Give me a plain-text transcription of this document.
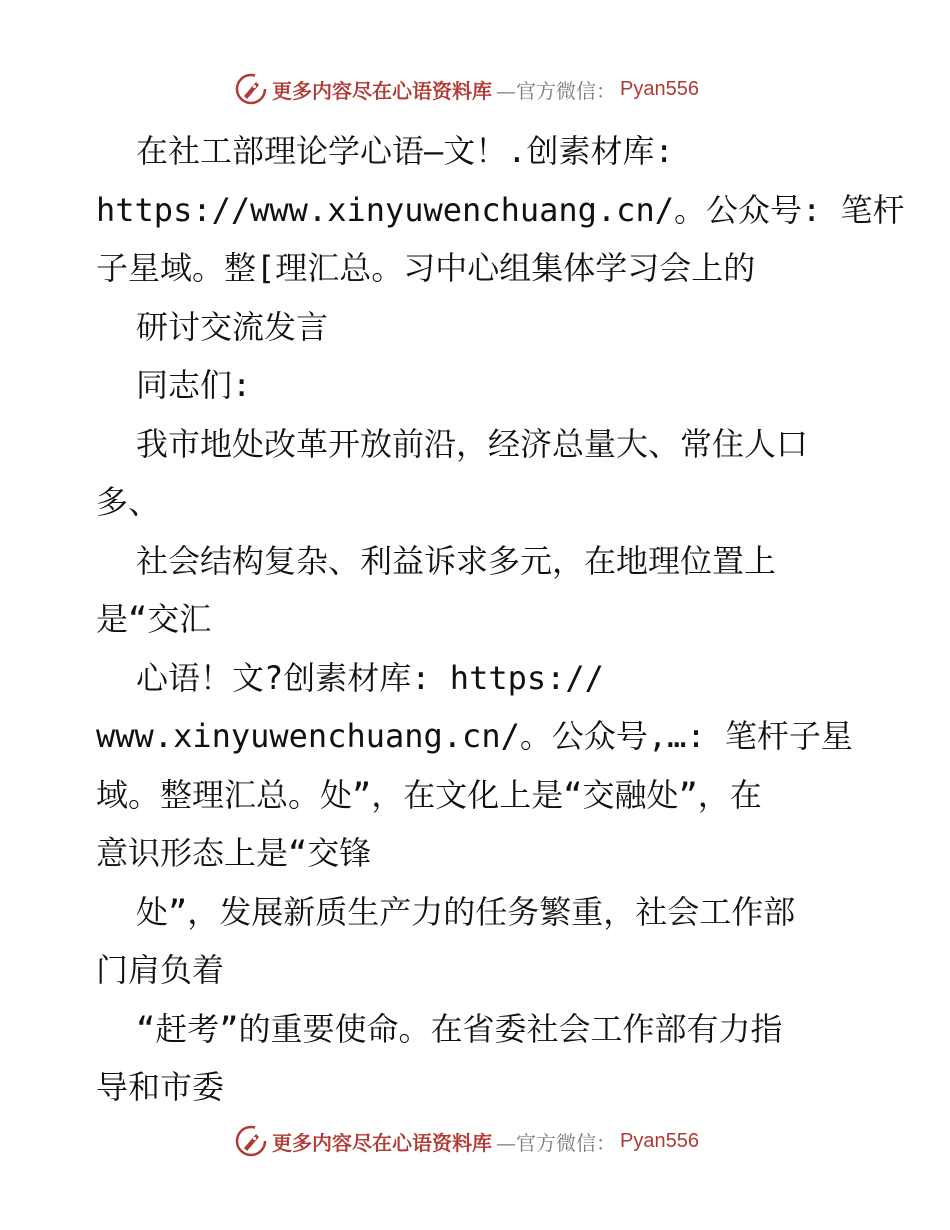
更多内容尽在心语资料库 —官方微信： Pyan556
在社工部理论学心语—文！.创素材库:
https://www.xinyuwenchuang.cn/。公众号: 笔杆
子星域。整[理汇总。习中心组集体学习会上的
研讨交流发言
同志们:
我市地处改革开放前沿，经济总量大、常住人口
多、
社会结构复杂、利益诉求多元，在地理位置上
是“交汇
心语！文?创素材库: https://
www.xinyuwenchuang.cn/。公众号,…: 笔杆子星
域。整理汇总。处”，在文化上是“交融处”，在
意识形态上是“交锋
处”，发展新质生产力的任务繁重，社会工作部
门肩负着
“赶考”的重要使命。在省委社会工作部有力指
导和市委
更多内容尽在心语资料库 —官方微信： Pyan556
